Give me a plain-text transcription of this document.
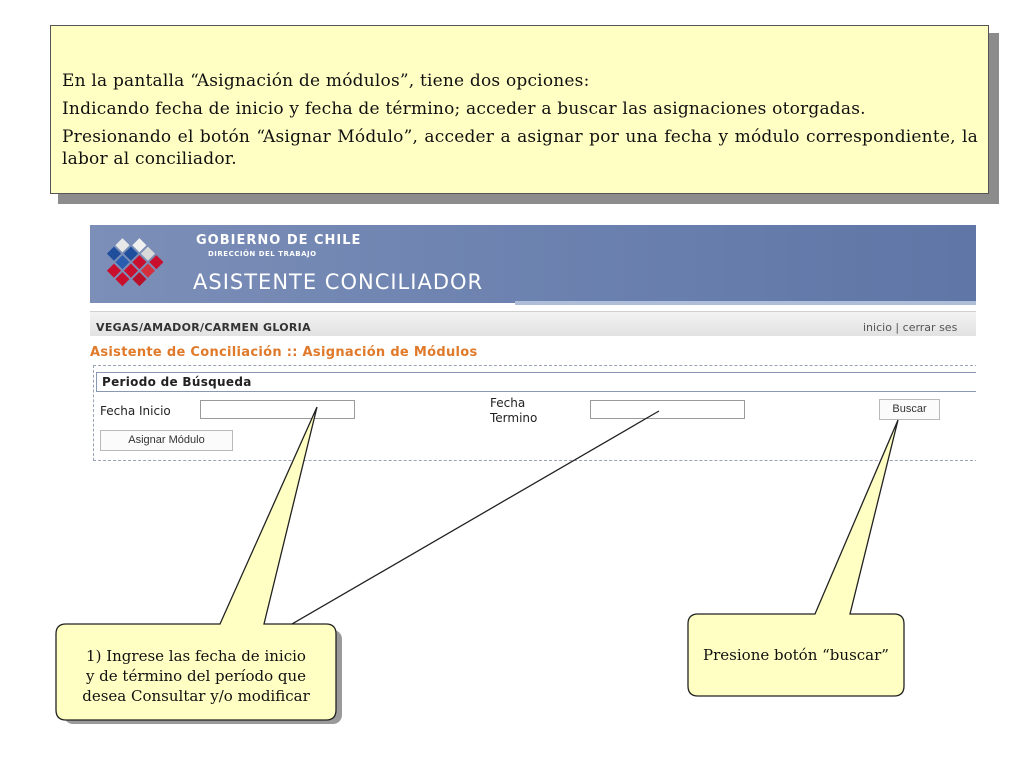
En la pantalla “Asignación de módulos”, tiene dos opciones:

Indicando fecha de inicio y fecha de término; acceder a buscar las asignaciones otorgadas.

Presionando el botón “Asignar Módulo”, acceder a asignar por una fecha y módulo correspondiente, la labor al conciliador.

GOBIERNO DE CHILE
DIRECCIÓN DEL TRABAJO
ASISTENTE CONCILIADOR
VEGAS/AMADOR/CARMEN GLORIA	inicio | cerrar ses
Asistente de Conciliación :: Asignación de Módulos
Periodo de Búsqueda
Fecha Inicio
Fecha
Termino
Buscar
Asignar Módulo
1) Ingrese las fecha de inicio
y de término del período que
desea Consultar y/o modificar
Presione botón “buscar”
